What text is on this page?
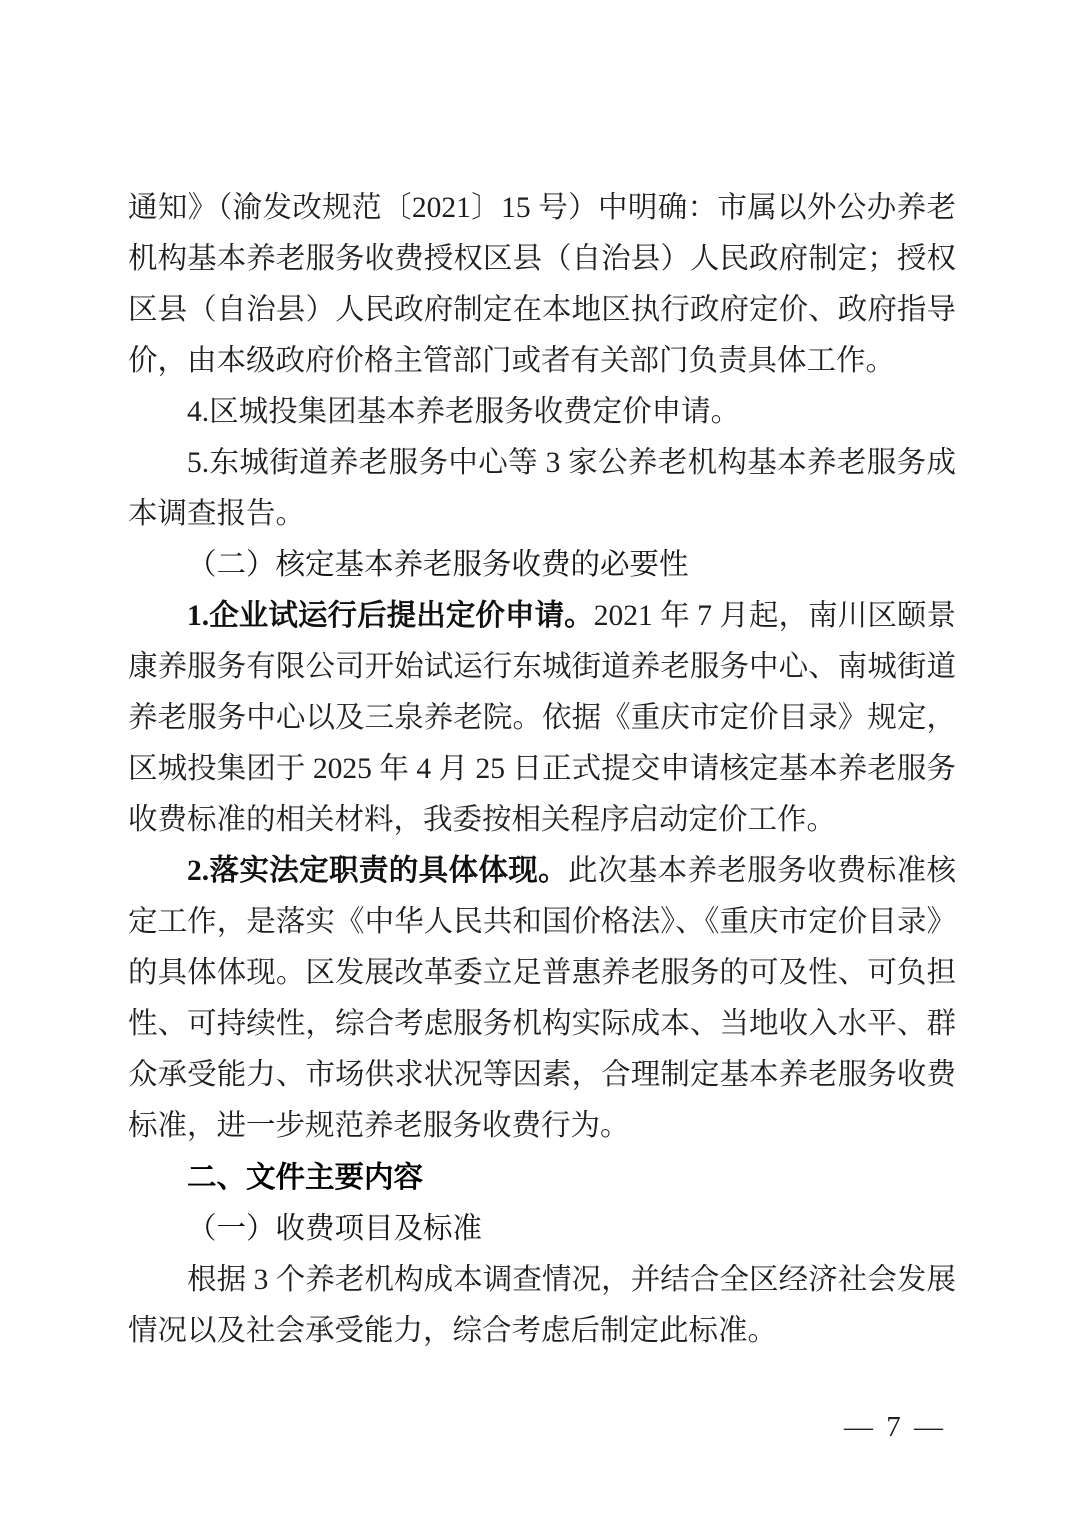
通知》（渝发改规范〔2021〕15 号）中明确：市属以外公办养老机构基本养老服务收费授权区县（自治县）人民政府制定；授权区县（自治县）人民政府制定在本地区执行政府定价、政府指导价，由本级政府价格主管部门或者有关部门负责具体工作。

4.区城投集团基本养老服务收费定价申请。

5.东城街道养老服务中心等 3 家公养老机构基本养老服务成本调查报告。

（二）核定基本养老服务收费的必要性

1.企业试运行后提出定价申请。2021 年 7 月起，南川区颐景康养服务有限公司开始试运行东城街道养老服务中心、南城街道养老服务中心以及三泉养老院。依据《重庆市定价目录》规定，区城投集团于 2025 年 4 月 25 日正式提交申请核定基本养老服务收费标准的相关材料，我委按相关程序启动定价工作。

2.落实法定职责的具体体现。此次基本养老服务收费标准核定工作，是落实《中华人民共和国价格法》、《重庆市定价目录》的具体体现。区发展改革委立足普惠养老服务的可及性、可负担性、可持续性，综合考虑服务机构实际成本、当地收入水平、群众承受能力、市场供求状况等因素，合理制定基本养老服务收费标准，进一步规范养老服务收费行为。

二、文件主要内容

（一）收费项目及标准

根据 3 个养老机构成本调查情况，并结合全区经济社会发展情况以及社会承受能力，综合考虑后制定此标准。

— 7 —
